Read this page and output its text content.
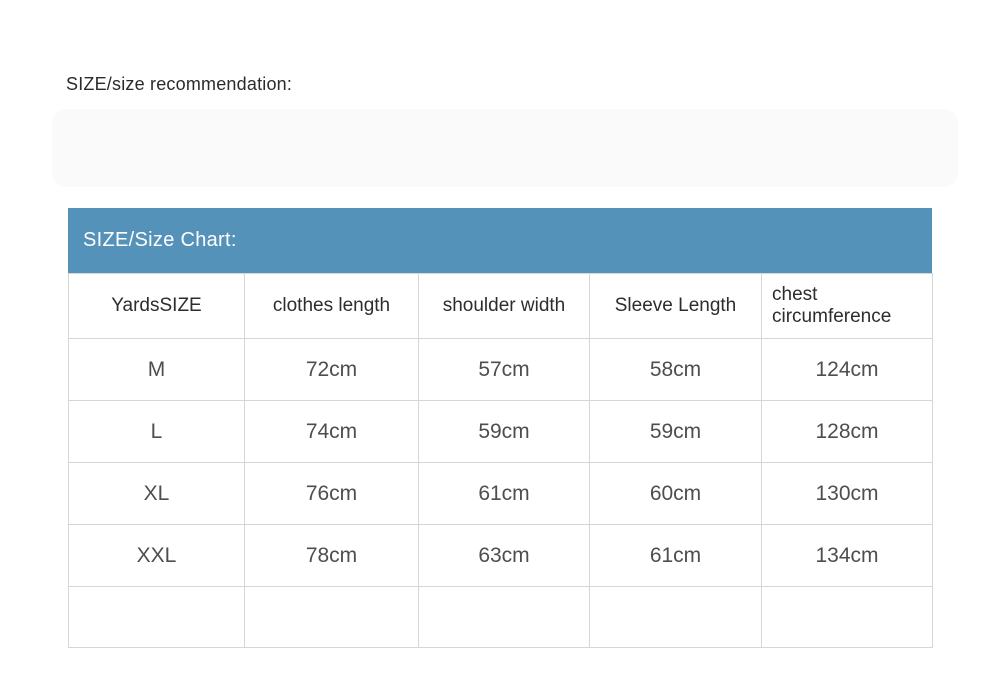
SIZE/size recommendation:
SIZE/Size Chart:
YardsSIZE	clothes length	shoulder width	Sleeve Length	chest circumference
M	72cm	57cm	58cm	124cm
L	74cm	59cm	59cm	128cm
XL	76cm	61cm	60cm	130cm
XXL	78cm	63cm	61cm	134cm
